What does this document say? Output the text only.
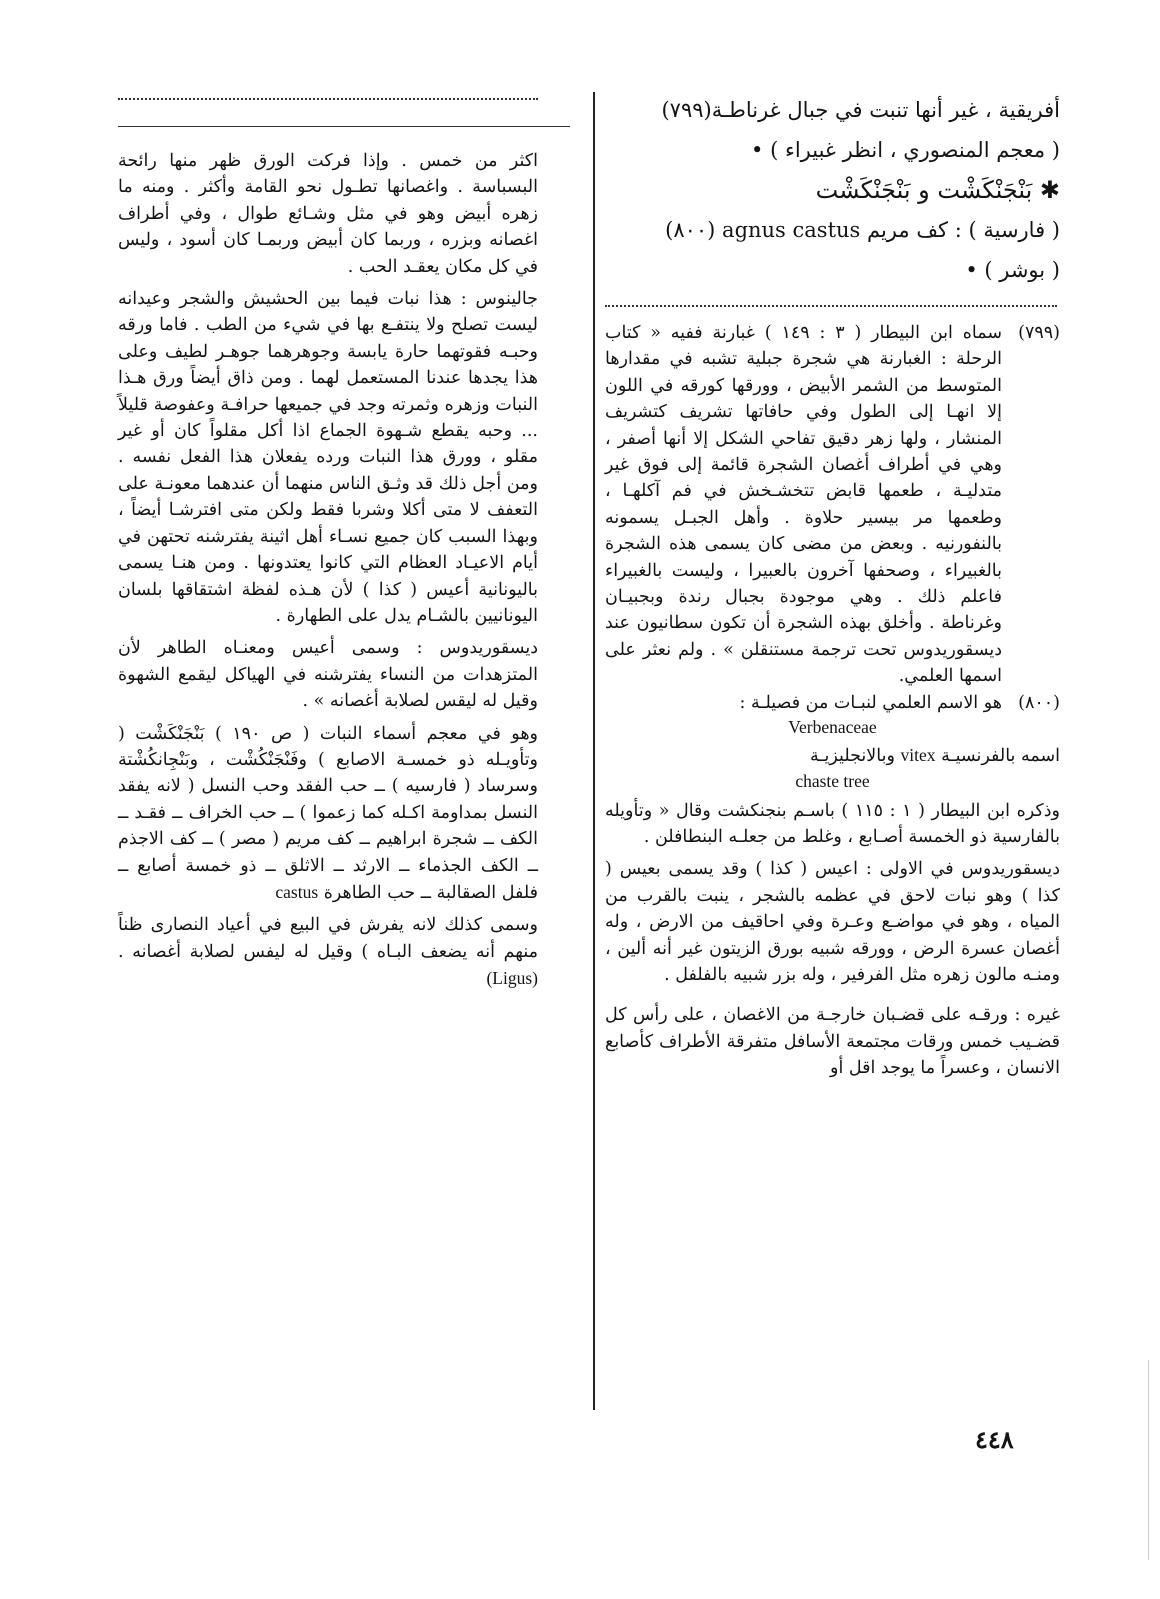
أفريقية ، غير أنها تنبت في جبال غرناطـة(٧٩٩)

( معجم المنصوري ، انظر غبيراء ) •

✱ بَنْجَنْكَشْت و بَنْجَنْكَشْت

( فارسية ) : كف مريم agnus castus (٨٠٠)

( بوشر ) •

(٧٩٩)
سماه ابن البيطار ( ٣ : ١٤٩ ) غبارنة ففيه « كتاب الرحلة : الغبارنة هي شجرة جبلية تشبه في مقدارها المتوسط من الشمر الأبيض ، وورقها كورقه في اللون إلا انهـا إلى الطول وفي حافاتها تشريف كتشريف المنشار ، ولها زهر دقيق تفاحي الشكل إلا أنها أصفر ، وهي في أطراف أغصان الشجرة قائمة إلى فوق غير متدليـة ، طعمها قابض تتخشـخش في فم آكلهـا ، وطعمها مر بيسير حلاوة . وأهل الجبـل يسمونه بالنفورنيه . وبعض من مضى كان يسمى هذه الشجرة بالغبيراء ، وصحفها آخرون بالعبيرا ، وليست بالغبيراء فاعلم ذلك . وهي موجودة بجبال رندة وبجبيـان وغرناطة . وأخلق بهذه الشجرة أن تكون سطانيون عند ديسقوريدوس تحت ترجمة مستنقلن » . ولم نعثر على اسمها العلمي.
(٨٠٠)
هو الاسم العلمي لنبـات من فصيلـة :

Verbenaceae

اسمه بالفرنسيـة vitex وبالانجليزيـة

chaste tree

وذكره ابن البيطار ( ١ : ١١٥ ) باسـم بنجنكشت وقال « وتأويله بالفارسية ذو الخمسة أصـابع ، وغلط من جعلـه البنطافلن .

ديسقوريدوس في الاولى : اعيس ( كذا ) وقد يسمى بعيس ( كذا ) وهو نبات لاحق في عظمه بالشجر ، ينبت بالقرب من المياه ، وهو في مواضـع وعـرة وفي احاقيف من الارض ، وله أغصان عسرة الرض ، وورقه شبيه بورق الزيتون غير أنه ألين ، ومنـه مالون زهره مثل الفرفير ، وله بزر شبيه بالفلفل .

غيره : ورقـه على قضـبان خارجـة من الاغصان ، على رأس كل قضـيب خمس ورقات مجتمعة الأسافل متفرقة الأطراف كأصابع الانسان ، وعسراً ما يوجد اقل أو

اكثر من خمس . وإذا فركت الورق ظهر منها رائحة البسباسة . واغصانها تطـول نحو القامة وأكثر . ومنه ما زهره أبيض وهو في مثل وشـائع طوال ، وفي أطراف اغصانه وبزره ، وربما كان أبيض وربمـا كان أسود ، وليس في كل مكان يعقـد الحب .

جالينوس : هذا نبات فيما بين الحشيش والشجر وعيدانه ليست تصلح ولا ينتفـع بها في شيء من الطب . فاما ورقه وحبـه فقوتهما حارة يابسة وجوهرهما جوهـر لطيف وعلى هذا يجدها عندنا المستعمل لهما . ومن ذاق أيضاً ورق هـذا النبات وزهره وثمرته وجد في جميعها حرافـة وعفوصة قليلاً ... وحبه يقطع شـهوة الجماع اذا أكل مقلواً كان أو غير مقلو ، وورق هذا النبات ورده يفعلان هذا الفعل نفسه . ومن أجل ذلك قد وثـق الناس منهما أن عندهما معونـة على التعفف لا متى أكلا وشربا فقط ولكن متى افترشـا أيضاً ، وبهذا السبب كان جميع نسـاء أهل اثينة يفترشنه تحتهن في أيام الاعيـاد العظام التي كانوا يعتدونها . ومن هنـا يسمى باليونانية أعيس ( كذا ) لأن هـذه لفظة اشتقاقها بلسان اليونانيين بالشـام يدل على الطهارة .

ديسقوريدوس : وسمى أعيس ومعنـاه الطاهر لأن المتزهدات من النساء يفترشنه في الهياكل ليقمع الشهوة وقيل له ليقس لصلابة أغصانه » .

وهو في معجم أسماء النبات ( ص ١٩٠ ) بَنْجَنْكَشْت ( وتأويـله ذو خمسـة الاصابع ) وفَنْجَنْكُشْت ، وبَنْجِانكُشْتة وسرساد ( فارسيه ) ــ حب الفقد وحب النسل ( لانه يفقد النسل بمداومة اكـله كما زعموا ) ــ حب الخراف ــ فقـد ــ الكف ــ شجرة ابراهيم ــ كف مريم ( مصر ) ــ كف الاجذم ــ الكف الجذماء ــ الارثد ــ الاثلق ــ ذو خمسة أصابع ــ فلفل الصقالبة ــ حب الطاهرة castus

وسمى كذلك لانه يفرش في البيع في أعياد النصارى ظناً منهم أنه يضعف البـاه ) وقيل له ليفس لصلابة أغصانه . (Ligus)

٤٤٨
